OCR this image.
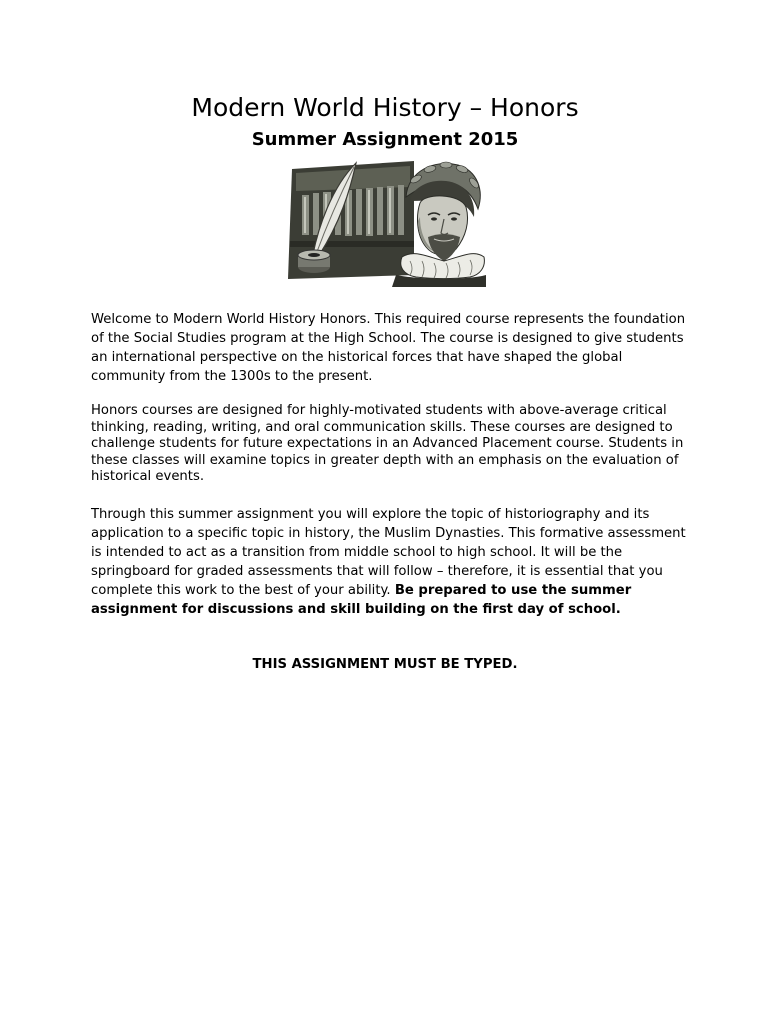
Modern World History – Honors
Summer Assignment 2015

Welcome to Modern World History Honors. This required course represents the foundation of the Social Studies program at the High School. The course is designed to give students an international perspective on the historical forces that have shaped the global community from the 1300s to the present.

Honors courses are designed for highly-motivated students with above-average critical thinking, reading, writing, and oral communication skills. These courses are designed to challenge students for future expectations in an Advanced Placement course. Students in these classes will examine topics in greater depth with an emphasis on the evaluation of historical events.

Through this summer assignment you will explore the topic of historiography and its application to a specific topic in history, the Muslim Dynasties. This formative assessment is intended to act as a transition from middle school to high school. It will be the springboard for graded assessments that will follow – therefore, it is essential that you complete this work to the best of your ability. Be prepared to use the summer assignment for discussions and skill building on the first day of school.

THIS ASSIGNMENT MUST BE TYPED.
